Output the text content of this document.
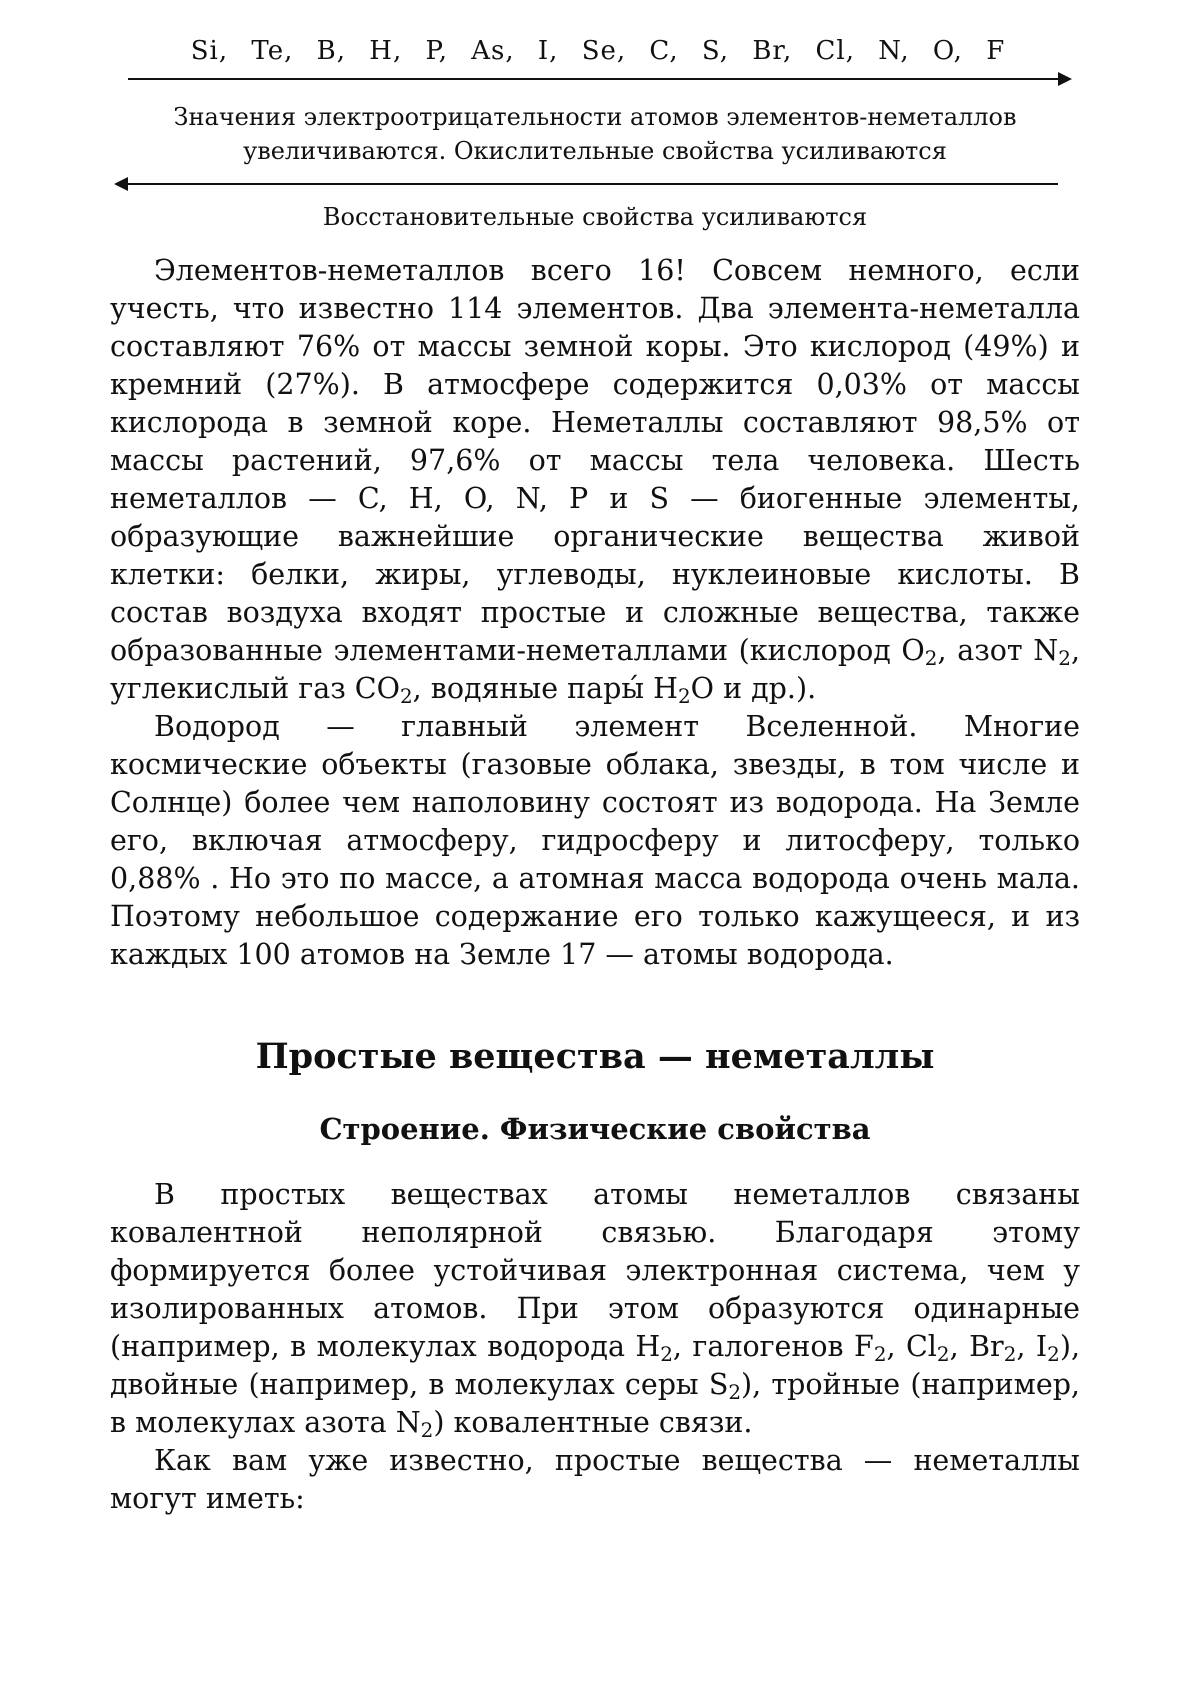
Si, Te, B, H, P, As, I, Se, C, S, Br, Cl, N, O, F
Значения электроотрицательности атомов элементов-неметаллов увеличиваются. Окислительные свойства усиливаются
Восстановительные свойства усиливаются

Элементов-неметаллов всего 16! Совсем немного, если учесть, что известно 114 элементов. Два элемента-неметалла составляют 76% от массы земной коры. Это кислород (49%) и кремний (27%). В атмосфере содержится 0,03% от массы кислорода в земной коре. Неметаллы составляют 98,5% от массы растений, 97,6% от массы тела человека. Шесть неметаллов — C, H, O, N, P и S — биогенные элементы, образующие важнейшие органические вещества живой клетки: белки, жиры, углеводы, нуклеиновые кислоты. В состав воздуха входят простые и сложные вещества, также образованные элементами-неметаллами (кислород $O_2$, азот $N_2$, углекислый газ $CO_2$, водяные пары́ $H_2O$ и др.).

Водород — главный элемент Вселенной. Многие космические объекты (газовые облака, звезды, в том числе и Солнце) более чем наполовину состоят из водорода. На Земле его, включая атмосферу, гидросферу и литосферу, только 0,88% . Но это по массе, а атомная масса водорода очень мала. Поэтому небольшое содержание его только кажущееся, и из каждых 100 атомов на Земле 17 — атомы водорода.

Простые вещества — неметаллы
Строение. Физические свойства

В простых веществах атомы неметаллов связаны ковалентной неполярной связью. Благодаря этому формируется более устойчивая электронная система, чем у изолированных атомов. При этом образуются одинарные (например, в молекулах водорода $H_2$, галогенов $F_2$, $Cl_2$, $Br_2$, $I_2$), двойные (например, в молекулах серы $S_2$), тройные (например, в молекулах азота $N_2$) ковалентные связи.

Как вам уже известно, простые вещества — неметаллы могут иметь:
